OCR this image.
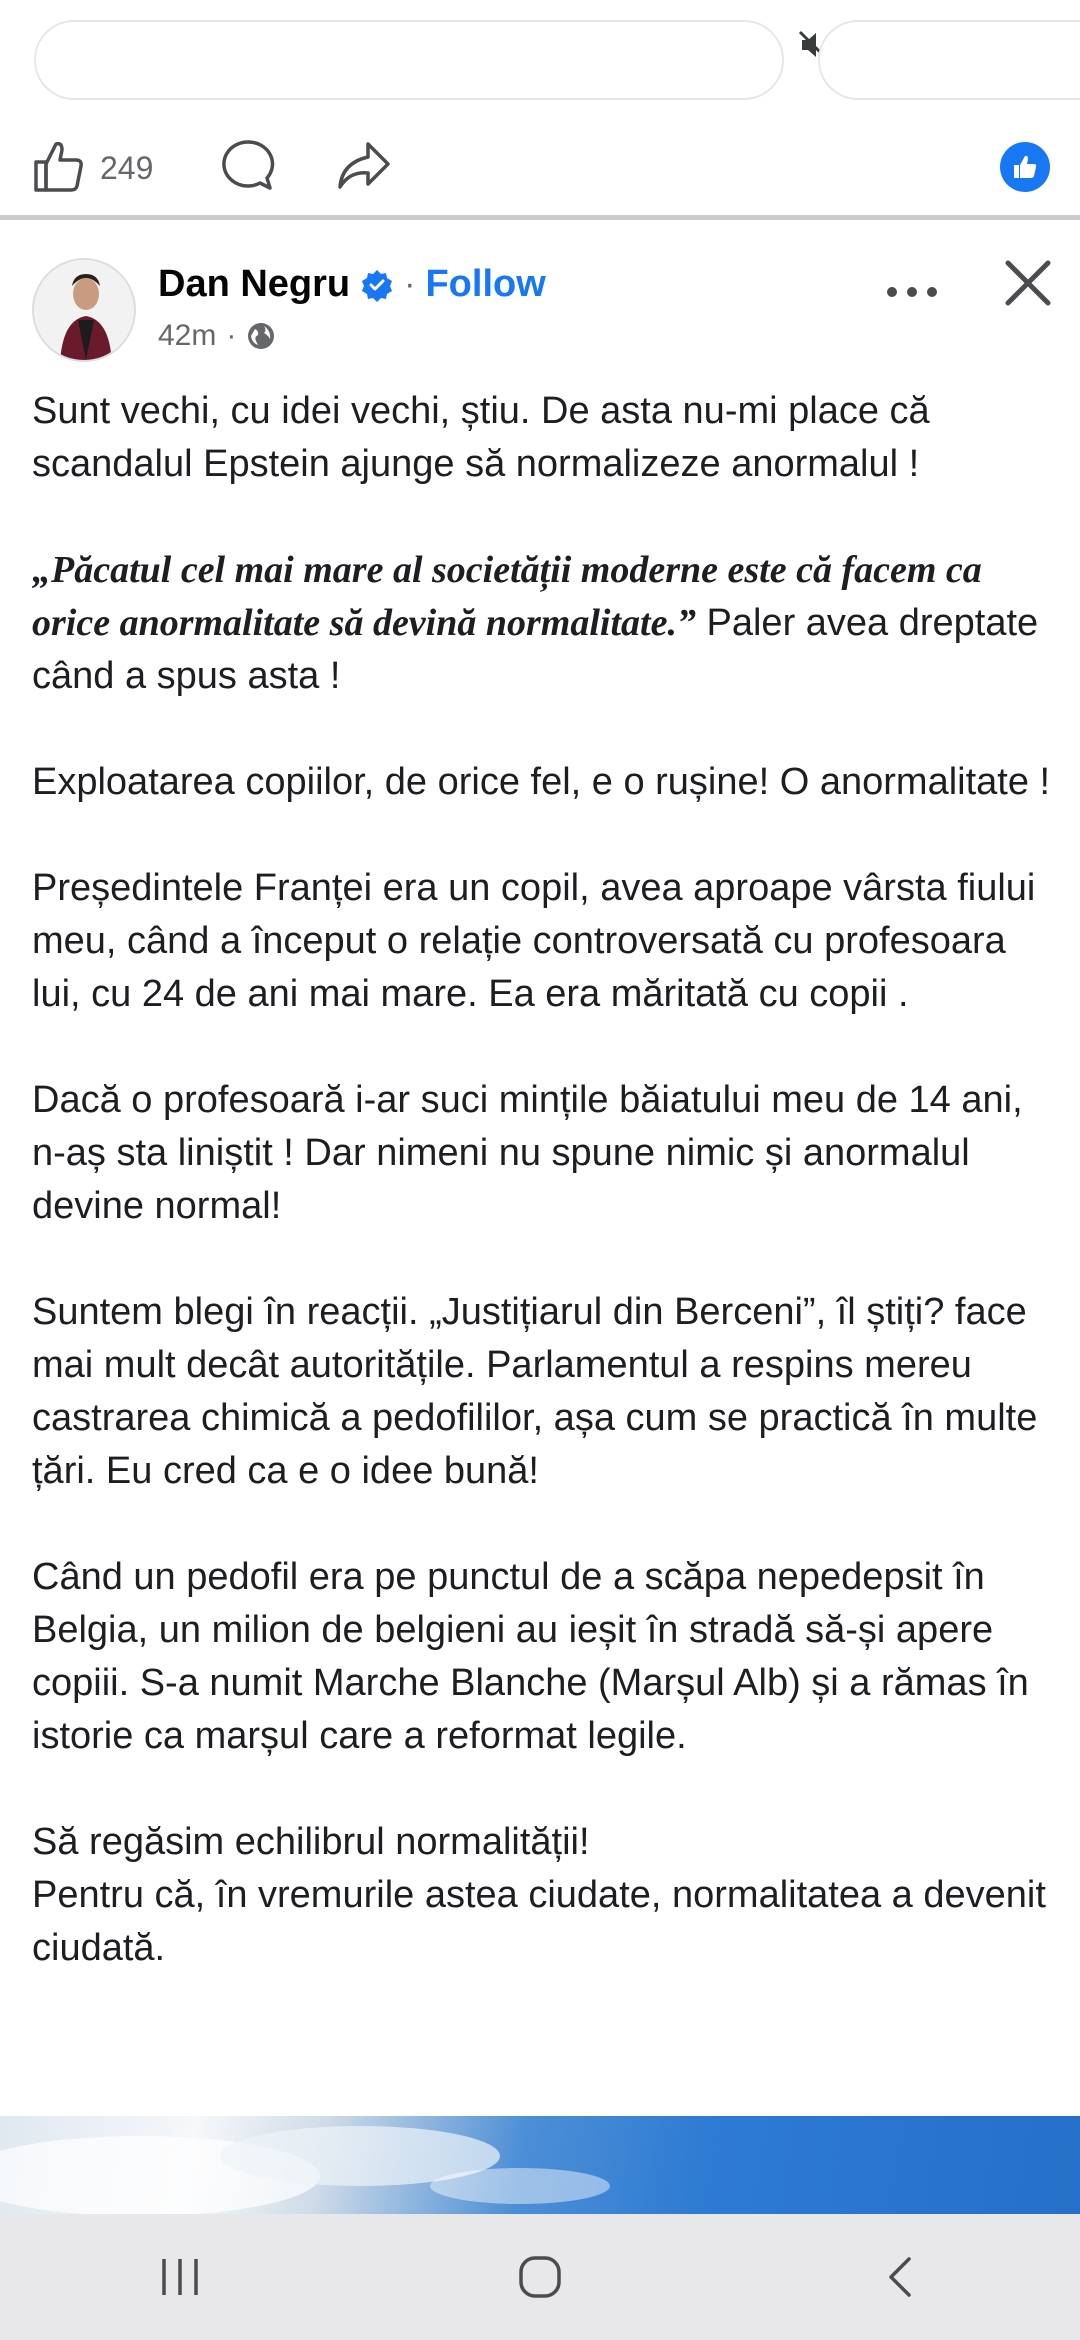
249
Dan Negru · Follow
42m ·

Sunt vechi, cu idei vechi, știu. De asta nu-mi place că scandalul Epstein ajunge să normalizeze anormalul !

„Păcatul cel mai mare al societății moderne este că facem ca orice anormalitate să devină normalitate.” Paler avea dreptate când a spus asta !

Exploatarea copiilor, de orice fel, e o rușine! O anormalitate !

Președintele Franței era un copil, avea aproape vârsta fiului meu, când a început o relație controversată cu profesoara lui, cu 24 de ani mai mare. Ea era măritată cu copii .

Dacă o profesoară i-ar suci mințile băiatului meu de 14 ani, n-aș sta liniștit ! Dar nimeni nu spune nimic și anormalul devine normal!

Suntem blegi în reacții. „Justițiarul din Berceni”, îl știți? face mai mult decât autoritățile. Parlamentul a respins mereu castrarea chimică a pedofililor, așa cum se practică în multe țări. Eu cred ca e o idee bună!

Când un pedofil era pe punctul de a scăpa nepedepsit în Belgia, un milion de belgieni au ieșit în stradă să-și apere copiii. S-a numit Marche Blanche (Marșul Alb) și a rămas în istorie ca marșul care a reformat legile.

Să regăsim echilibrul normalității!

Pentru că, în vremurile astea ciudate, normalitatea a devenit ciudată.
